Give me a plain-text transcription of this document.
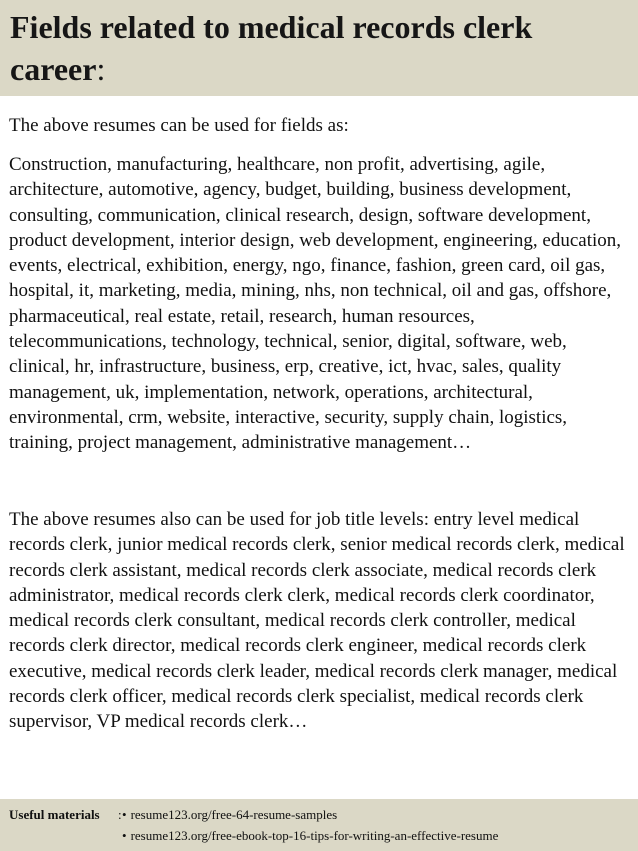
Fields related to medical records clerk career:

The above resumes can be used for fields as:

Construction, manufacturing, healthcare, non profit, advertising, agile, architecture, automotive, agency, budget, building, business development, consulting, communication, clinical research, design, software development, product development, interior design, web development, engineering, education, events, electrical, exhibition, energy, ngo, finance, fashion, green card, oil gas, hospital, it, marketing, media, mining, nhs, non technical, oil and gas, offshore, pharmaceutical, real estate, retail, research, human resources, telecommunications, technology, technical, senior, digital, software, web, clinical, hr, infrastructure, business, erp, creative, ict, hvac, sales, quality management, uk, implementation, network, operations, architectural, environmental, crm, website, interactive, security, supply chain, logistics, training, project management, administrative management…

The above resumes also can be used for job title levels: entry level medical records clerk, junior medical records clerk, senior medical records clerk, medical records clerk assistant, medical records clerk associate, medical records clerk administrator, medical records clerk clerk, medical records clerk coordinator, medical records clerk consultant, medical records clerk controller, medical records clerk director, medical records clerk engineer, medical records clerk executive, medical records clerk leader, medical records clerk manager, medical records clerk officer, medical records clerk specialist, medical records clerk supervisor, VP medical records clerk…

Useful materials : • resume123.org/free-64-resume-samples
• resume123.org/free-ebook-top-16-tips-for-writing-an-effective-resume
